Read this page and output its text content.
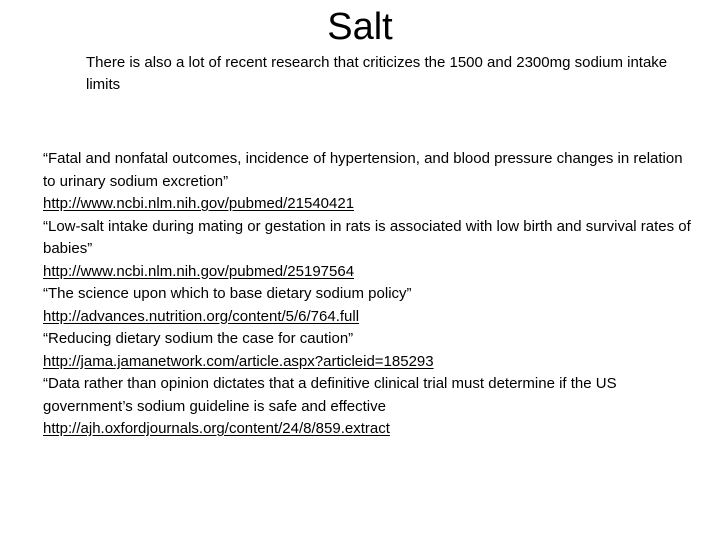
Salt

There is also a lot of recent research that criticizes the 1500 and 2300mg sodium intake limits

“Fatal and nonfatal outcomes, incidence of hypertension, and blood pressure changes in relation to urinary sodium excretion”
http://www.ncbi.nlm.nih.gov/pubmed/21540421
“Low-salt intake during mating or gestation in rats is associated with low birth and survival rates of babies”
http://www.ncbi.nlm.nih.gov/pubmed/25197564
“The science upon which to base dietary sodium policy”
http://advances.nutrition.org/content/5/6/764.full
“Reducing dietary sodium the case for caution”
http://jama.jamanetwork.com/article.aspx?articleid=185293
“Data rather than opinion dictates that a definitive clinical trial must determine if the US government’s sodium guideline is safe and effective
http://ajh.oxfordjournals.org/content/24/8/859.extract
